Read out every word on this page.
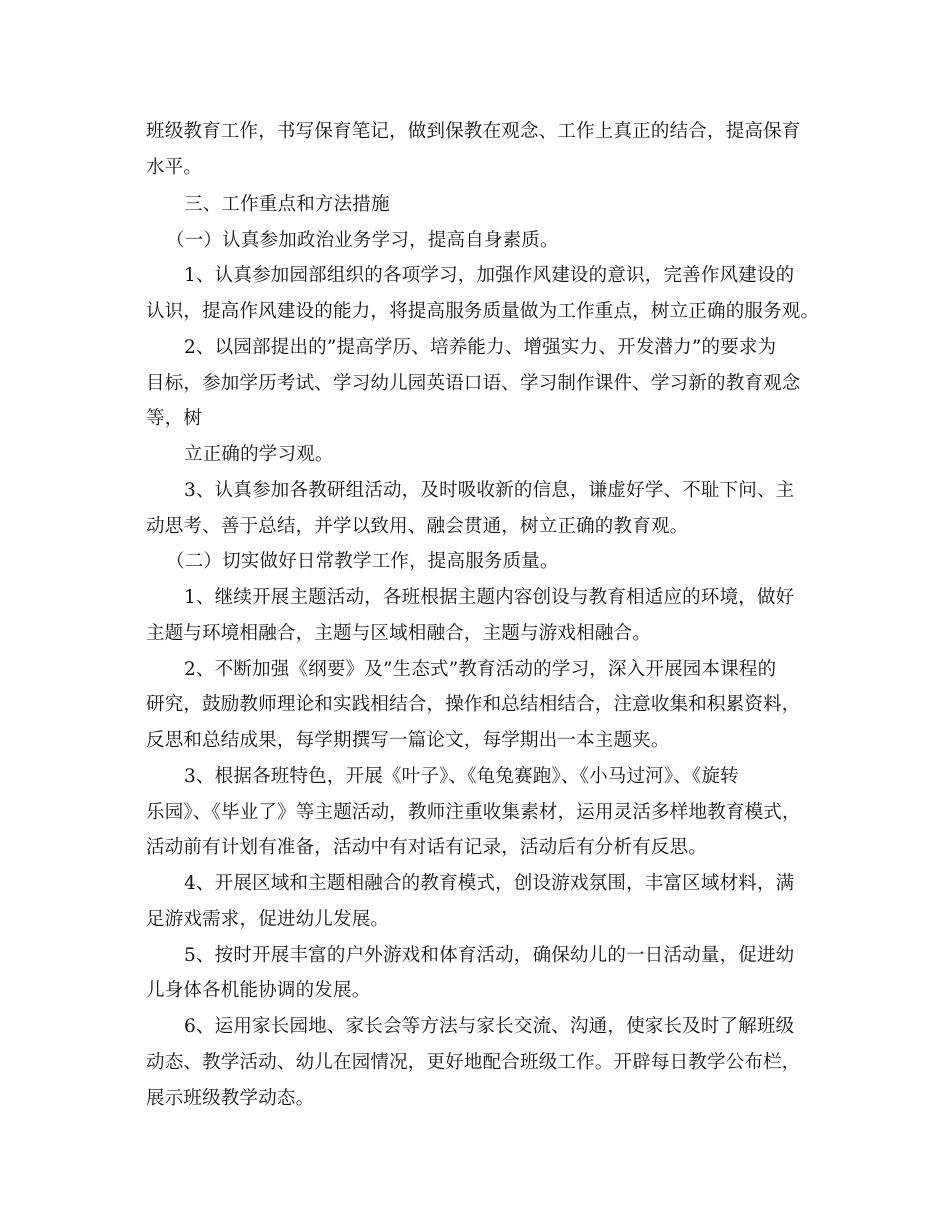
班级教育工作，书写保育笔记，做到保教在观念、工作上真正的结合，提高保育
水平。
三、工作重点和方法措施
（一）认真参加政治业务学习，提高自身素质。
1、认真参加园部组织的各项学习，加强作风建设的意识，完善作风建设的
认识，提高作风建设的能力，将提高服务质量做为工作重点，树立正确的服务观。
2、以园部提出的”提高学历、培养能力、增强实力、开发潜力”的要求为
目标，参加学历考试、学习幼儿园英语口语、学习制作课件、学习新的教育观念
等，树
立正确的学习观。
3、认真参加各教研组活动，及时吸收新的信息，谦虚好学、不耻下问、主
动思考、善于总结，并学以致用、融会贯通，树立正确的教育观。
（二）切实做好日常教学工作，提高服务质量。
1、继续开展主题活动，各班根据主题内容创设与教育相适应的环境，做好
主题与环境相融合，主题与区域相融合，主题与游戏相融合。
2、不断加强《纲要》及”生态式”教育活动的学习，深入开展园本课程的
研究，鼓励教师理论和实践相结合，操作和总结相结合，注意收集和积累资料，
反思和总结成果，每学期撰写一篇论文，每学期出一本主题夹。
3、根据各班特色，开展《叶子》、《龟兔赛跑》、《小马过河》、《旋转
乐园》、《毕业了》等主题活动，教师注重收集素材，运用灵活多样地教育模式，
活动前有计划有准备，活动中有对话有记录，活动后有分析有反思。
4、开展区域和主题相融合的教育模式，创设游戏氛围，丰富区域材料，满
足游戏需求，促进幼儿发展。
5、按时开展丰富的户外游戏和体育活动，确保幼儿的一日活动量，促进幼
儿身体各机能协调的发展。
6、运用家长园地、家长会等方法与家长交流、沟通，使家长及时了解班级
动态、教学活动、幼儿在园情况，更好地配合班级工作。开辟每日教学公布栏，
展示班级教学动态。
